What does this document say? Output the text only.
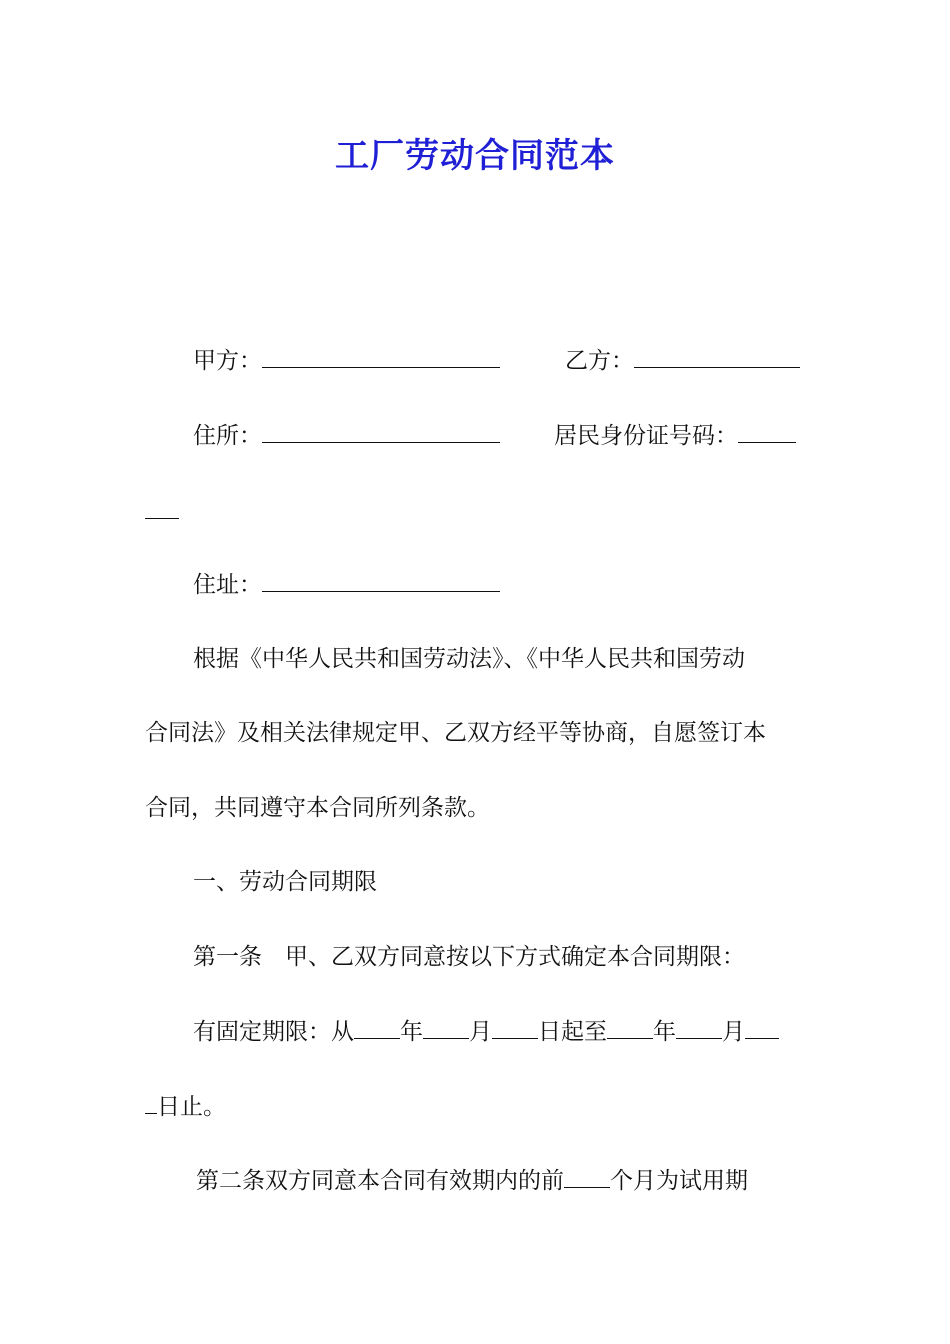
工厂劳动合同范本
甲方：	乙方：
住所：	居民身份证号码：
住址：
根据《中华人民共和国劳动法》、《中华人民共和国劳动
合同法》及相关法律规定甲、乙双方经平等协商，自愿签订本
合同，共同遵守本合同所列条款。
一、劳动合同期限
第一条　甲、乙双方同意按以下方式确定本合同期限：
有固定期限：从 年 月 日起至 年 月
日止。
第二条双方同意本合同有效期内的前 个月为试用期
